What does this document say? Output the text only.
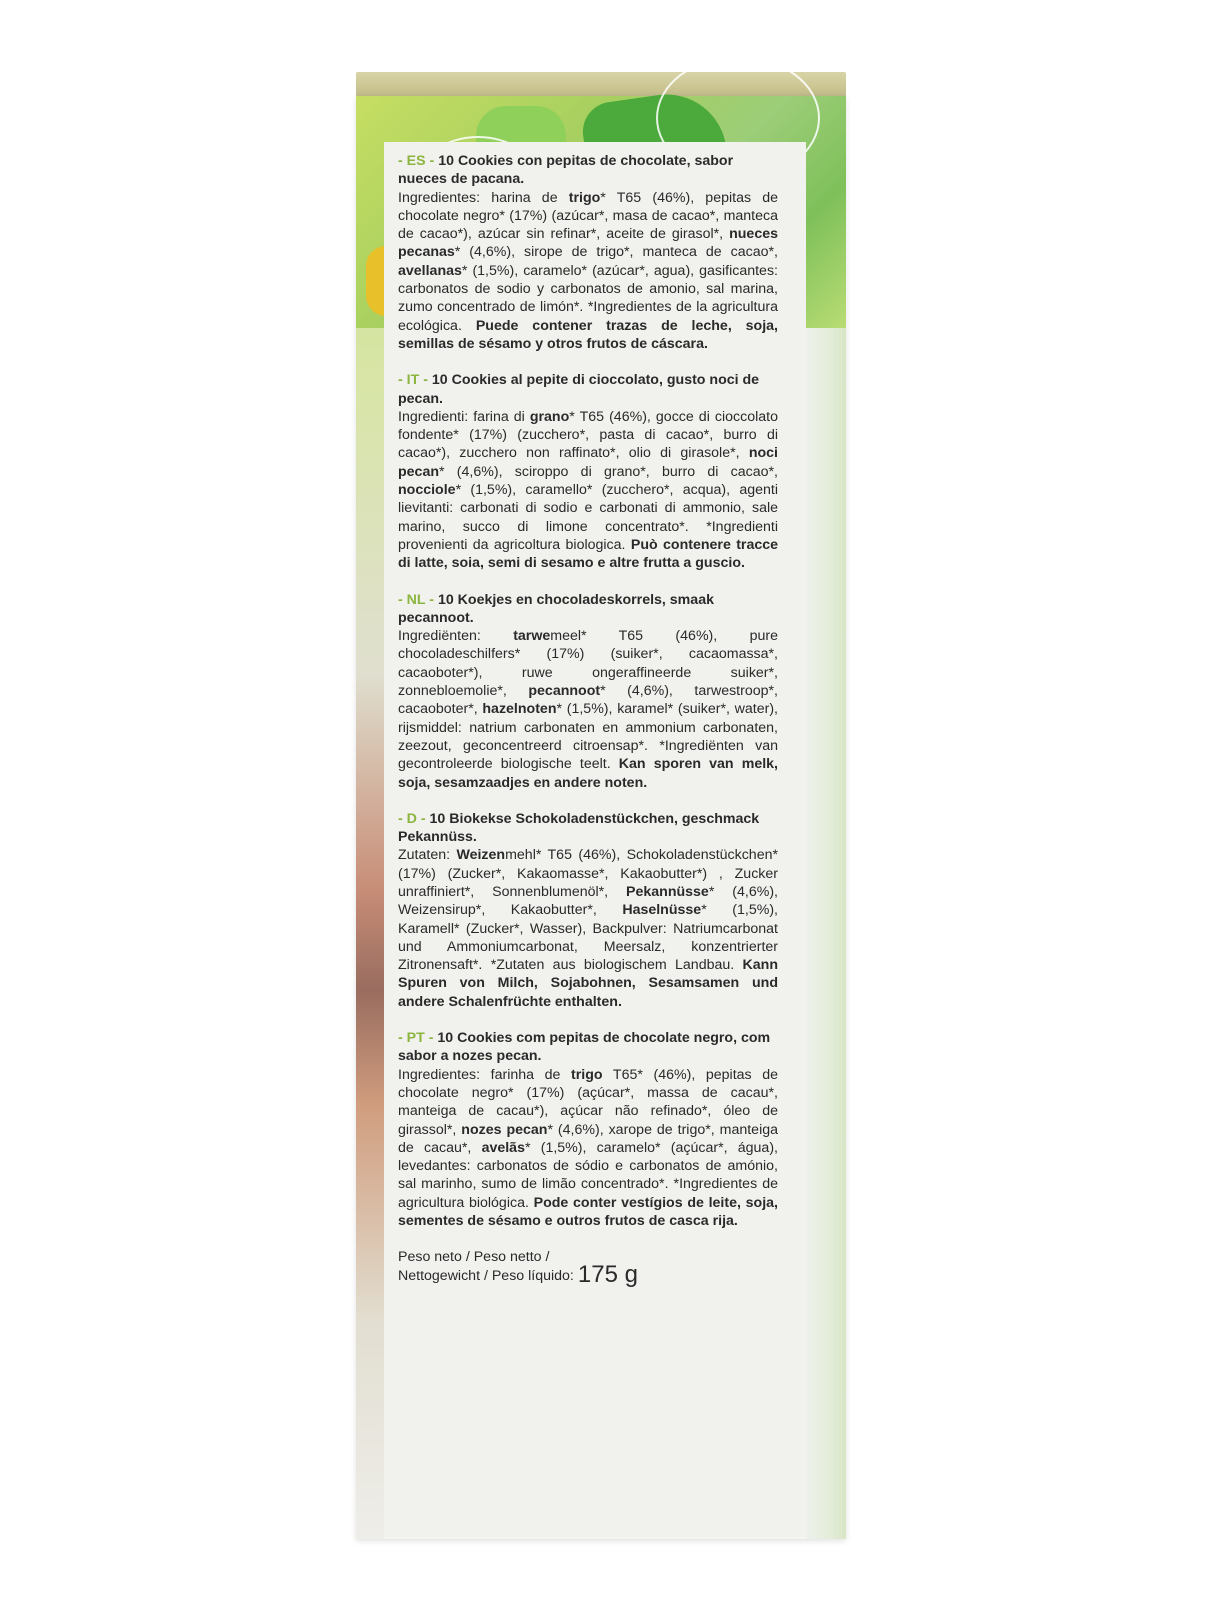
- ES - 10 Cookies con pepitas de chocolate, sabor nueces de pacana.
Ingredientes: harina de trigo* T65 (46%), pepitas de chocolate negro* (17%) (azúcar*, masa de cacao*, manteca de cacao*), azúcar sin refinar*, aceite de girasol*, nueces pecanas* (4,6%), sirope de trigo*, manteca de cacao*, avellanas* (1,5%), caramelo* (azúcar*, agua), gasificantes: carbonatos de sodio y carbonatos de amonio, sal marina, zumo concentrado de limón*. *Ingredientes de la agricultura ecológica. Puede contener trazas de leche, soja, semillas de sésamo y otros frutos de cáscara.
- IT - 10 Cookies al pepite di cioccolato, gusto noci de pecan.
Ingredienti: farina di grano* T65 (46%), gocce di cioccolato fondente* (17%) (zucchero*, pasta di cacao*, burro di cacao*), zucchero non raffinato*, olio di girasole*, noci pecan* (4,6%), sciroppo di grano*, burro di cacao*, nocciole* (1,5%), caramello* (zucchero*, acqua), agenti lievitanti: carbonati di sodio e carbonati di ammonio, sale marino, succo di limone concentrato*. *Ingredienti provenienti da agricoltura biologica. Può contenere tracce di latte, soia, semi di sesamo e altre frutta a guscio.
- NL - 10 Koekjes en chocoladeskorrels, smaak pecannoot.
Ingrediënten: tarwemeel* T65 (46%), pure chocoladeschilfers* (17%) (suiker*, cacaomassa*, cacaoboter*), ruwe ongeraffineerde suiker*, zonnebloemolie*, pecannoot* (4,6%), tarwestroop*, cacaoboter*, hazelnoten* (1,5%), karamel* (suiker*, water), rijsmiddel: natrium carbonaten en ammonium carbonaten, zeezout, geconcentreerd citroensap*. *Ingrediënten van gecontroleerde biologische teelt. Kan sporen van melk, soja, sesamzaadjes en andere noten.
- D - 10 Biokekse Schokoladenstückchen, geschmack Pekannüss.
Zutaten: Weizenmehl* T65 (46%), Schokoladenstückchen*(17%) (Zucker*, Kakaomasse*, Kakaobutter*) , Zucker unraffiniert*, Sonnenblumenöl*, Pekannüsse* (4,6%), Weizensirup*, Kakaobutter*, Haselnüsse* (1,5%), Karamell* (Zucker*, Wasser), Backpulver: Natriumcarbonat und Ammoniumcarbonat, Meersalz, konzentrierter Zitronensaft*. *Zutaten aus biologischem Landbau. Kann Spuren von Milch, Sojabohnen, Sesamsamen und andere Schalenfrüchte enthalten.
- PT - 10 Cookies com pepitas de chocolate negro, com sabor a nozes pecan.
Ingredientes: farinha de trigo T65* (46%), pepitas de chocolate negro* (17%) (açúcar*, massa de cacau*, manteiga de cacau*), açúcar não refinado*, óleo de girassol*, nozes pecan* (4,6%), xarope de trigo*, manteiga de cacau*, avelãs* (1,5%), caramelo* (açúcar*, água), levedantes: carbonatos de sódio e carbonatos de amónio, sal marinho, sumo de limão concentrado*. *Ingredientes de agricultura biológica. Pode conter vestígios de leite, soja, sementes de sésamo e outros frutos de casca rija.
Peso neto / Peso netto /
Nettogewicht / Peso líquido: 175 g
